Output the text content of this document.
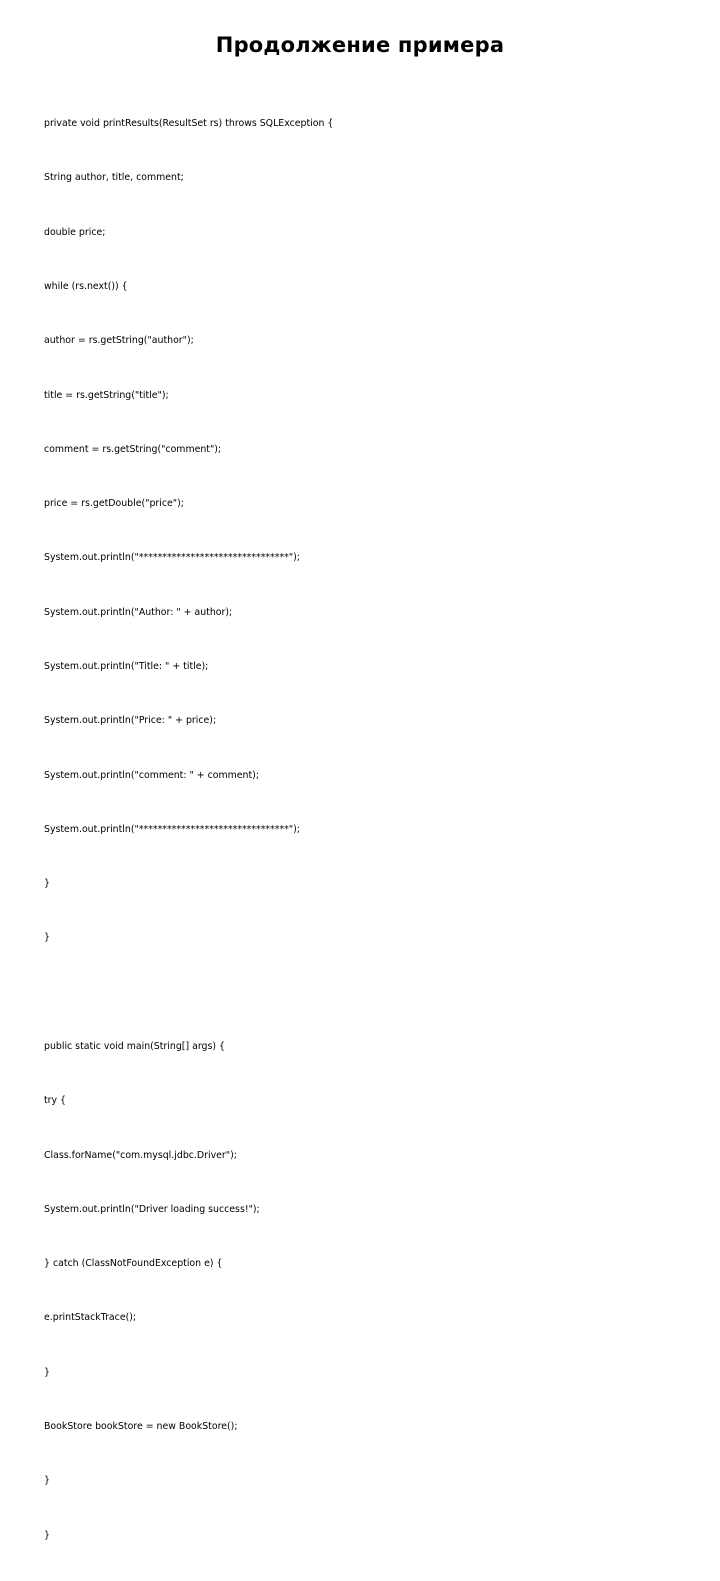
Продолжение примера

private void printResults(ResultSet rs) throws SQLException {

String author, title, comment;

double price;

while (rs.next()) {

author = rs.getString("author");

title = rs.getString("title");

comment = rs.getString("comment");

price = rs.getDouble("price");

System.out.println("********************************");

System.out.println("Author: " + author);

System.out.println("Title: " + title);

System.out.println("Price: " + price);

System.out.println("comment: " + comment);

System.out.println("********************************");

}

}

public static void main(String[] args) {

try {

Class.forName("com.mysql.jdbc.Driver");

System.out.println("Driver loading success!");

} catch (ClassNotFoundException e) {

e.printStackTrace();

}

BookStore bookStore = new BookStore();

}

}
